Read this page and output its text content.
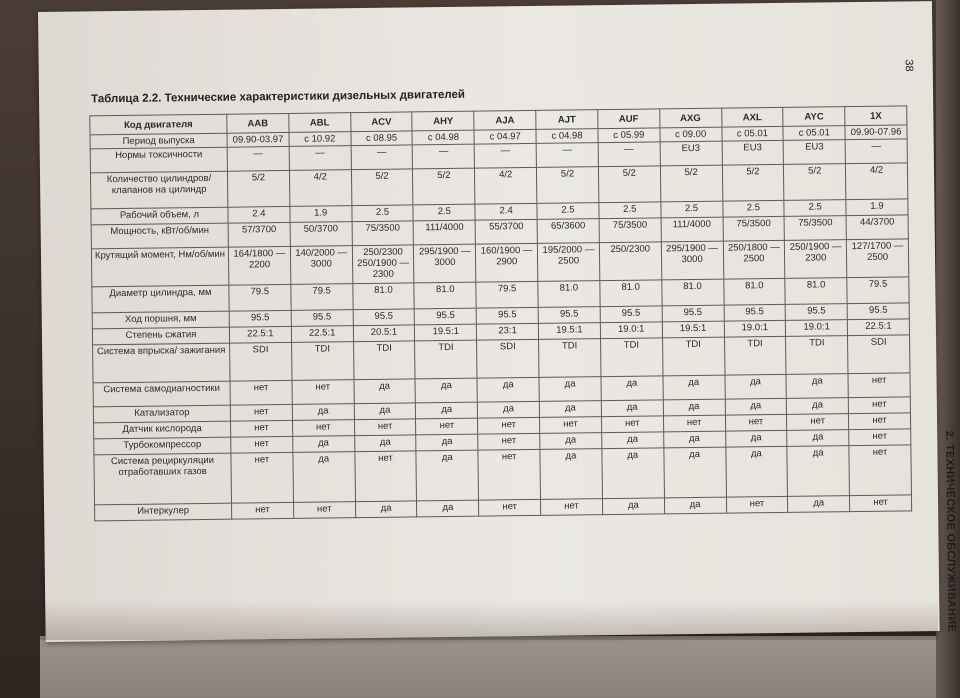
Таблица 2.2. Технические характеристики дизельных двигателей
38
2. ТЕХНИЧЕСКОЕ ОБСЛУЖИВАНИЕ
Код двигателя	AAB	ABL	ACV	AHY	AJA	AJT	AUF	AXG	AXL	AYC	1X
Период выпуска	09.90-03.97	с 10.92	с 08.95	с 04.98	с 04.97	с 04.98	с 05.99	с 09.00	с 05.01	с 05.01	09.90-07.96
Нормы токсичности	—	—	—	—	—	—	—	EU3	EU3	EU3	—
Количество цилиндров/клапанов на цилиндр	5/2	4/2	5/2	5/2	4/2	5/2	5/2	5/2	5/2	5/2	4/2
Рабочий объем, л	2.4	1.9	2.5	2.5	2.4	2.5	2.5	2.5	2.5	2.5	1.9
Мощность, кВт/об/мин	57/3700	50/3700	75/3500	111/4000	55/3700	65/3600	75/3500	111/4000	75/3500	75/3500	44/3700
Крутящий момент, Нм/об/мин	164/1800 — 2200	140/2000 — 3000	250/2300 250/1900 — 2300	295/1900 — 3000	160/1900 — 2900	195/2000 — 2500	250/2300	295/1900 — 3000	250/1800 — 2500	250/1900 — 2300	127/1700 — 2500
Диаметр цилиндра, мм	79.5	79.5	81.0	81.0	79.5	81.0	81.0	81.0	81.0	81.0	79.5
Ход поршня, мм	95.5	95.5	95.5	95.5	95.5	95.5	95.5	95.5	95.5	95.5	95.5
Степень сжатия	22.5:1	22.5:1	20.5:1	19.5:1	23:1	19.5:1	19.0:1	19.5:1	19.0:1	19.0:1	22.5:1
Система впрыска/ зажигания	SDI	TDI	TDI	TDI	SDI	TDI	TDI	TDI	TDI	TDI	SDI
Система самодиагностики	нет	нет	да	да	да	да	да	да	да	да	нет
Катализатор	нет	да	да	да	да	да	да	да	да	да	нет
Датчик кислорода	нет	нет	нет	нет	нет	нет	нет	нет	нет	нет	нет
Турбокомпрессор	нет	да	да	да	нет	да	да	да	да	да	нет
Система рециркуляции отработавших газов	нет	да	нет	да	нет	да	да	да	да	да	нет
Интеркулер	нет	нет	да	да	нет	нет	да	да	нет	да	нет
